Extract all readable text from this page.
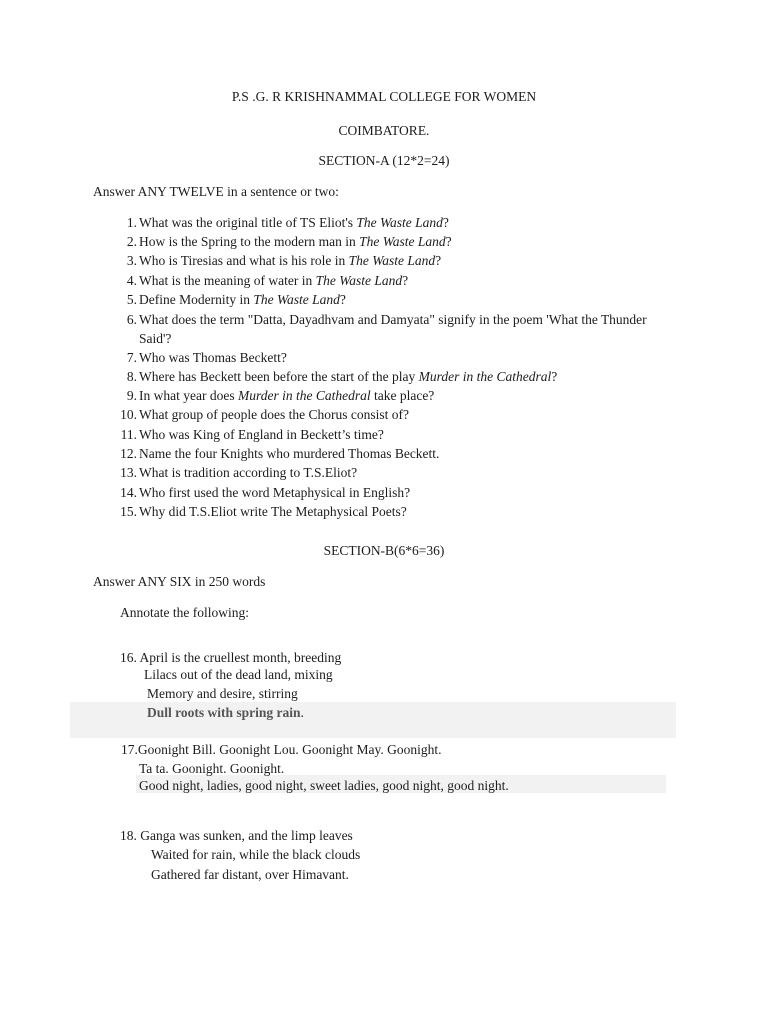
P.S .G. R KRISHNAMMAL COLLEGE FOR WOMEN
COIMBATORE.
SECTION-A (12*2=24)
Answer ANY TWELVE in a sentence or two:
1. What was the original title of TS Eliot's The Waste Land?
2. How is the Spring to the modern man in The Waste Land?
3. Who is Tiresias and what is his role in The Waste Land?
4. What is the meaning of water in The Waste Land?
5. Define Modernity in The Waste Land?
6. What does the term "Datta, Dayadhvam and Damyata" signify in the poem 'What the Thunder Said'?
7. Who was Thomas Beckett?
8. Where has Beckett been before the start of the play Murder in the Cathedral?
9. In what year does Murder in the Cathedral take place?
10. What group of people does the Chorus consist of?
11. Who was King of England in Beckett’s time?
12. Name the four Knights who murdered Thomas Beckett.
13. What is tradition according to T.S.Eliot?
14. Who first used the word Metaphysical in English?
15. Why did T.S.Eliot write The Metaphysical Poets?
SECTION-B(6*6=36)
Answer ANY SIX in 250 words
Annotate the following:
16. April is the cruellest month, breeding
Lilacs out of the dead land, mixing
Memory and desire, stirring
Dull roots with spring rain.
17.Goonight Bill. Goonight Lou. Goonight May. Goonight.
Ta ta. Goonight. Goonight.
Good night, ladies, good night, sweet ladies, good night, good night.
18. Ganga was sunken, and the limp leaves
Waited for rain, while the black clouds
Gathered far distant, over Himavant.
